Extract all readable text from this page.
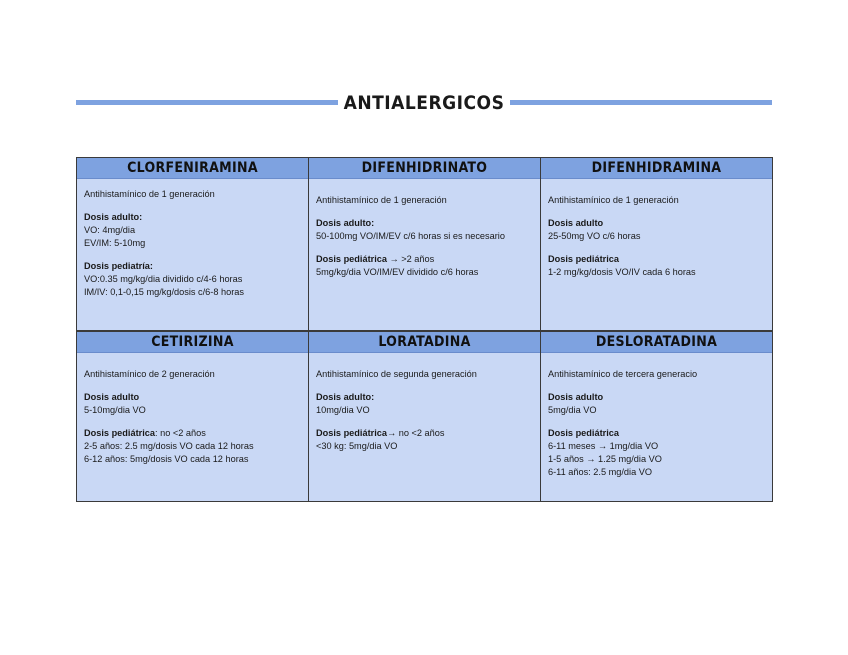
ANTIALERGICOS
CLORFENIRAMINA
Antihistamínico de 1 generación
Dosis adulto:
VO: 4mg/dia
EV/IM: 5-10mg
Dosis pediatría:
VO:0.35 mg/kg/dia dividido c/4-6 horas
IM/IV: 0,1-0,15 mg/kg/dosis c/6-8 horas
DIFENHIDRINATO
Antihistamínico de 1 generación
Dosis adulto:
50-100mg VO/IM/EV c/6 horas si es necesario
Dosis pediátrica → >2 años
5mg/kg/dia VO/IM/EV dividido c/6 horas
DIFENHIDRAMINA
Antihistamínico de 1 generación
Dosis adulto
25-50mg VO c/6 horas
Dosis pediátrica
1-2 mg/kg/dosis VO/IV cada 6 horas
CETIRIZINA
Antihistamínico de 2 generación
Dosis adulto
5-10mg/dia VO
Dosis pediátrica: no <2 años
2-5 años: 2.5 mg/dosis VO cada 12 horas
6-12 años: 5mg/dosis VO cada 12 horas
LORATADINA
Antihistamínico de segunda generación
Dosis adulto:
10mg/dia VO
Dosis pediátrica→ no <2 años
<30 kg: 5mg/dia VO
DESLORATADINA
Antihistamínico de tercera generacio
Dosis adulto
5mg/dia VO
Dosis pediátrica
6-11 meses → 1mg/dia VO
1-5 años → 1.25 mg/dia VO
6-11 años: 2.5 mg/dia VO
